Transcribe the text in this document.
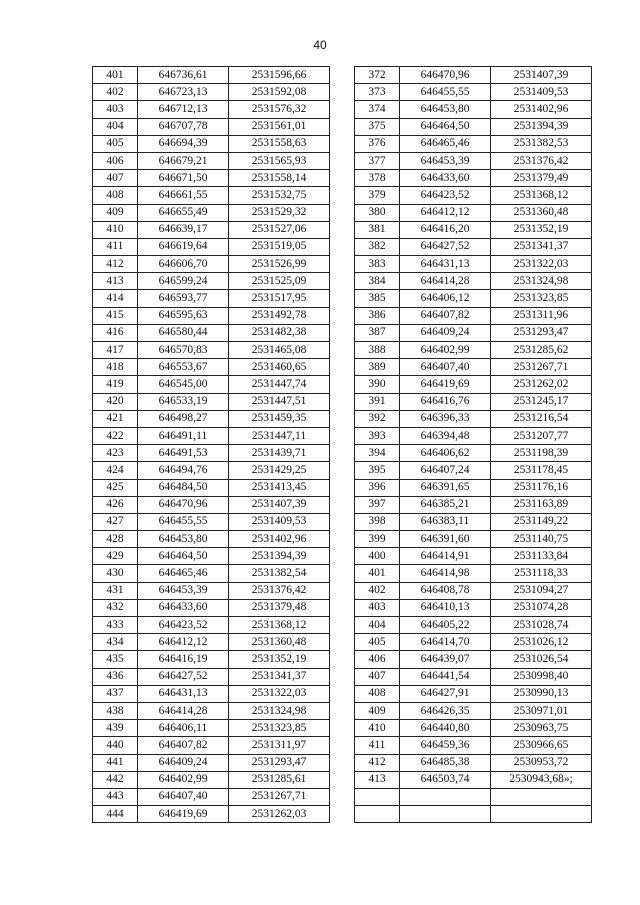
40
401	646736,61	2531596,66
402	646723,13	2531592,08
403	646712,13	2531576,32
404	646707,78	2531561,01
405	646694,39	2531558,63
406	646679,21	2531565,93
407	646671,50	2531558,14
408	646661,55	2531532,75
409	646655,49	2531529,32
410	646639,17	2531527,06
411	646619,64	2531519,05
412	646606,70	2531526,99
413	646599,24	2531525,09
414	646593,77	2531517,95
415	646595,63	2531492,78
416	646580,44	2531482,38
417	646570,83	2531465,08
418	646553,67	2531460,65
419	646545,00	2531447,74
420	646533,19	2531447,51
421	646498,27	2531459,35
422	646491,11	2531447,11
423	646491,53	2531439,71
424	646494,76	2531429,25
425	646484,50	2531413,45
426	646470,96	2531407,39
427	646455,55	2531409,53
428	646453,80	2531402,96
429	646464,50	2531394,39
430	646465,46	2531382,54
431	646453,39	2531376,42
432	646433,60	2531379,48
433	646423,52	2531368,12
434	646412,12	2531360,48
435	646416,19	2531352,19
436	646427,52	2531341,37
437	646431,13	2531322,03
438	646414,28	2531324,98
439	646406,11	2531323,85
440	646407,82	2531311,97
441	646409,24	2531293,47
442	646402,99	2531285,61
443	646407,40	2531267,71
444	646419,69	2531262,03
372	646470,96	2531407,39
373	646455,55	2531409,53
374	646453,80	2531402,96
375	646464,50	2531394,39
376	646465,46	2531382,53
377	646453,39	2531376,42
378	646433,60	2531379,49
379	646423,52	2531368,12
380	646412,12	2531360,48
381	646416,20	2531352,19
382	646427,52	2531341,37
383	646431,13	2531322,03
384	646414,28	2531324,98
385	646406,12	2531323,85
386	646407,82	2531311,96
387	646409,24	2531293,47
388	646402,99	2531285,62
389	646407,40	2531267,71
390	646419,69	2531262,02
391	646416,76	2531245,17
392	646396,33	2531216,54
393	646394,48	2531207,77
394	646406,62	2531198,39
395	646407,24	2531178,45
396	646391,65	2531176,16
397	646385,21	2531163,89
398	646383,11	2531149,22
399	646391,60	2531140,75
400	646414,91	2531133,84
401	646414,98	2531118,33
402	646408,78	2531094,27
403	646410,13	2531074,28
404	646405,22	2531028,74
405	646414,70	2531026,12
406	646439,07	2531026,54
407	646441,54	2530998,40
408	646427,91	2530990,13
409	646426,35	2530971,01
410	646440,80	2530963,75
411	646459,36	2530966,65
412	646485,38	2530953,72
413	646503,74	2530943,68»;
